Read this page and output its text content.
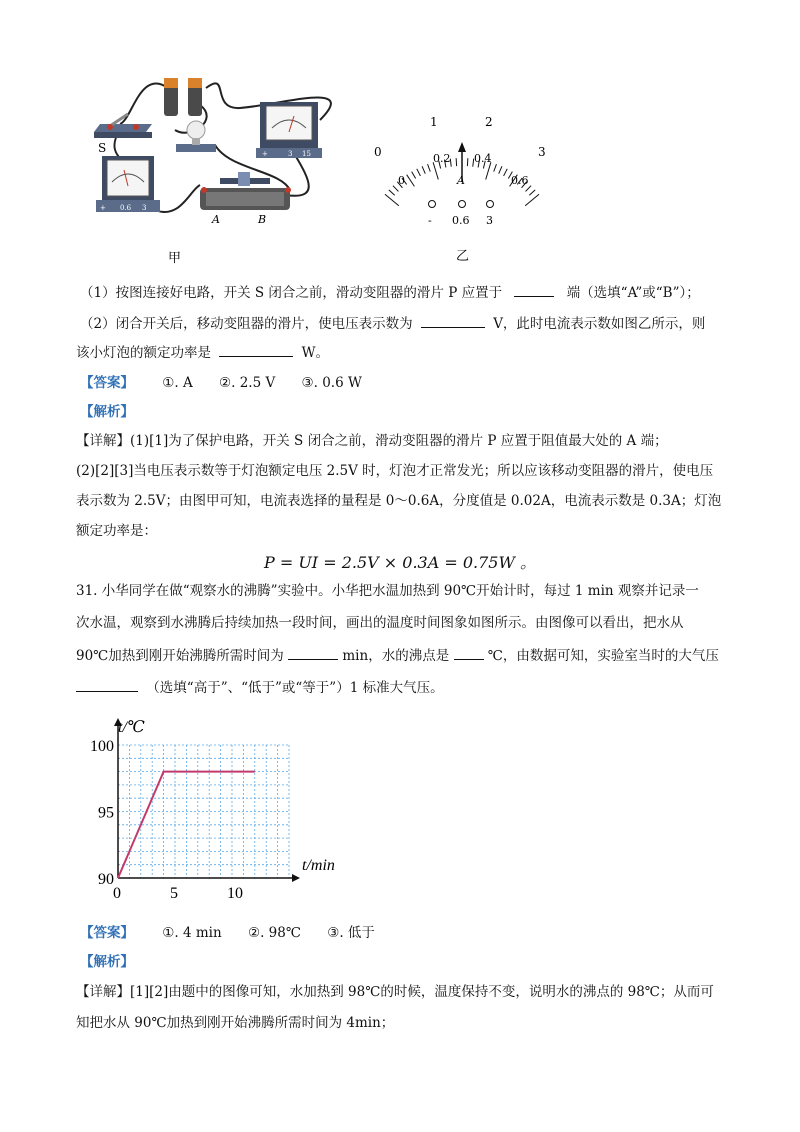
S	+	3 15
+ 0.6 3
A	B
甲
0
1	2
3
0
0.2 0.4
0.6
A
- 0.6 3
乙
（1）按图连接好电路，开关 S 闭合之前，滑动变阻器的滑片 P 应置于	端（选填“A”或“B”）；
（2）闭合开关后，移动变阻器的滑片，使电压表示数为	V，此时电流表示数如图乙所示，则
该小灯泡的额定功率是	W。
【答案】 ①. A ②. 2.5 V ③. 0.6 W
【解析】
【详解】(1)[1]为了保护电路，开关 S 闭合之前，滑动变阻器的滑片 P 应置于阻值最大处的 A 端；
(2)[2][3]当电压表示数等于灯泡额定电压 2.5V 时，灯泡才正常发光；所以应该移动变阻器的滑片，使电压
表示数为 2.5V；由图甲可知，电流表选择的量程是 0～0.6A，分度值是 0.02A，电流表示数是 0.3A；灯泡
额定功率是：
P = UI = 2.5V × 0.3A = 0.75W 。
31. 小华同学在做“观察水的沸腾”实验中。小华把水温加热到 90℃开始计时，每过 1 min 观察并记录一
次水温，观察到水沸腾后持续加热一段时间，画出的温度时间图象如图所示。由图像可以看出，把水从
90℃加热到刚开始沸腾所需时间为	min，水的沸点是	℃，由数据可知，实验室当时的大气压
（选填“高于”、“低于”或“等于”）1 标准大气压。
0	5	10
90
95
100
t/℃
t/min
【答案】 ①. 4 min ②. 98℃ ③. 低于
【解析】
【详解】[1][2]由题中的图像可知，水加热到 98℃的时候，温度保持不变，说明水的沸点的 98℃；从而可
知把水从 90℃加热到刚开始沸腾所需时间为 4min；
